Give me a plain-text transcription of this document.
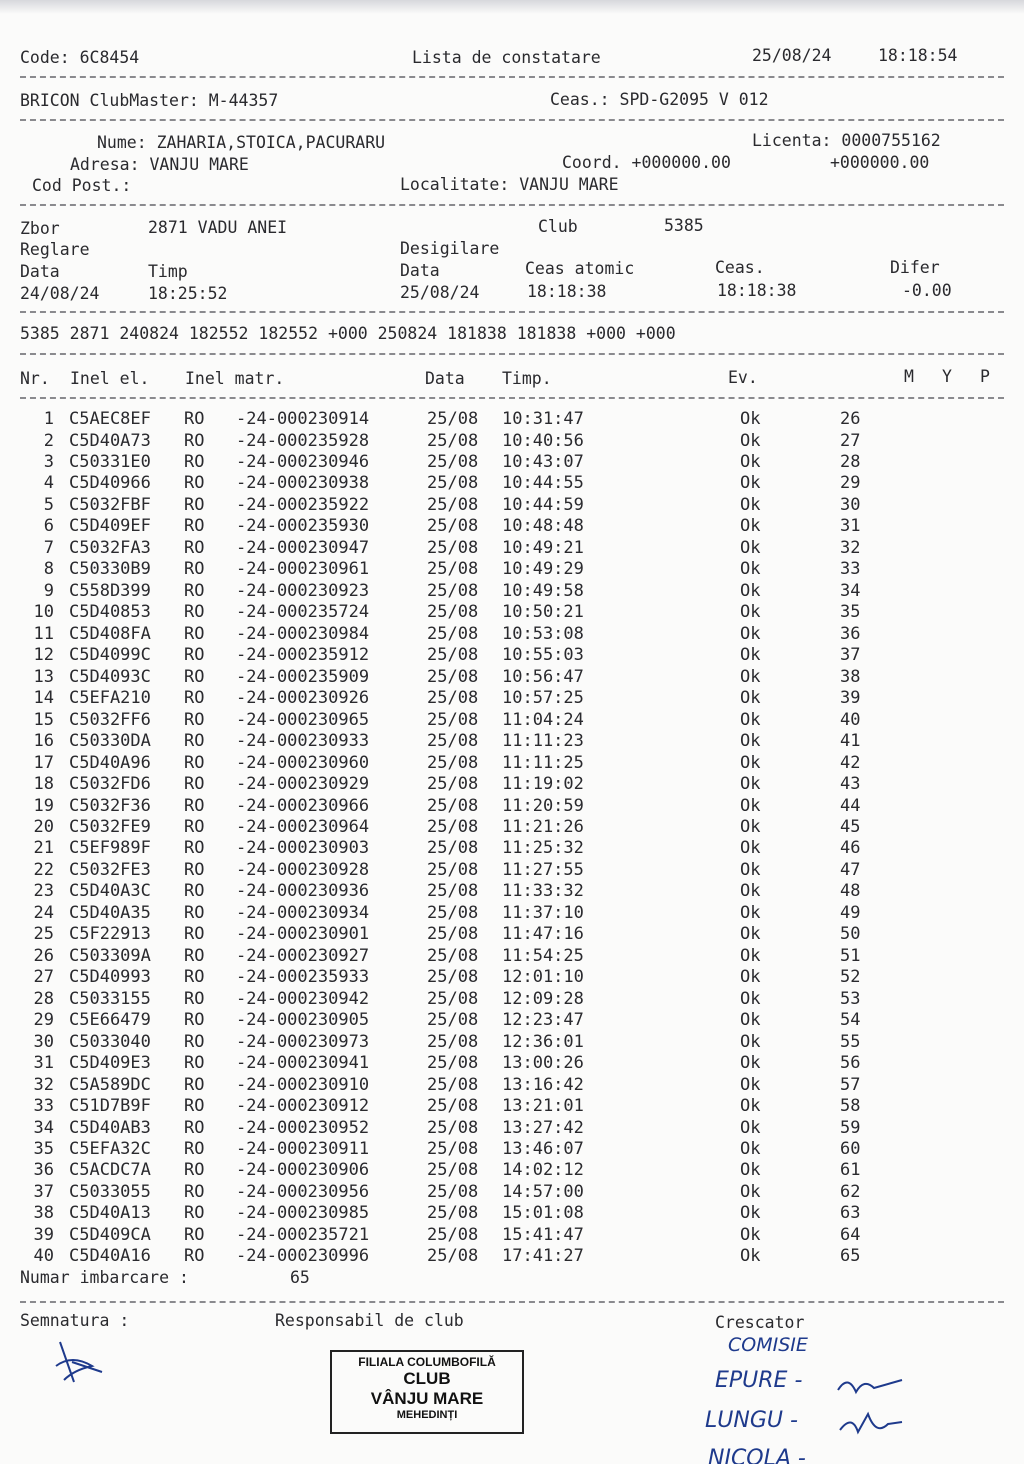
Code: 6C8454	Lista de constatare	25/08/24	18:18:54
BRICON ClubMaster: M-44357	Ceas.: SPD-G2095 V 012
Nume: ZAHARIA,STOICA,PACURARU	Licenta: 0000755162
Adresa: VANJU MARE	Coord. +000000.00	+000000.00
Cod Post.:	Localitate: VANJU MARE
Zbor	2871 VADU ANEI	Club	5385
Reglare	Desigilare
Data	Timp	Data	Ceas atomic	Ceas.	Difer
24/08/24	18:25:52	25/08/24	18:18:38	18:18:38	-0.00
5385 2871 240824 182552 182552 +000 250824 181838 181838 +000 +000
Nr. Inel el. Inel matr.	Data Timp.	Ev.	M Y P
1 C5AEC8EF RO -24-000230914	25/08 10:31:47	Ok	26
2 C5D40A73 RO -24-000235928	25/08 10:40:56	Ok	27
3 C50331E0 RO -24-000230946	25/08 10:43:07	Ok	28
4 C5D40966 RO -24-000230938	25/08 10:44:55	Ok	29
5 C5032FBF RO -24-000235922	25/08 10:44:59	Ok	30
6 C5D409EF RO -24-000235930	25/08 10:48:48	Ok	31
7 C5032FA3 RO -24-000230947	25/08 10:49:21	Ok	32
8 C50330B9 RO -24-000230961	25/08 10:49:29	Ok	33
9 C558D399 RO -24-000230923	25/08 10:49:58	Ok	34
10 C5D40853 RO -24-000235724	25/08 10:50:21	Ok	35
11 C5D408FA RO -24-000230984	25/08 10:53:08	Ok	36
12 C5D4099C RO -24-000235912	25/08 10:55:03	Ok	37
13 C5D4093C RO -24-000235909	25/08 10:56:47	Ok	38
14 C5EFA210 RO -24-000230926	25/08 10:57:25	Ok	39
15 C5032FF6 RO -24-000230965	25/08 11:04:24	Ok	40
16 C50330DA RO -24-000230933	25/08 11:11:23	Ok	41
17 C5D40A96 RO -24-000230960	25/08 11:11:25	Ok	42
18 C5032FD6 RO -24-000230929	25/08 11:19:02	Ok	43
19 C5032F36 RO -24-000230966	25/08 11:20:59	Ok	44
20 C5032FE9 RO -24-000230964	25/08 11:21:26	Ok	45
21 C5EF989F RO -24-000230903	25/08 11:25:32	Ok	46
22 C5032FE3 RO -24-000230928	25/08 11:27:55	Ok	47
23 C5D40A3C RO -24-000230936	25/08 11:33:32	Ok	48
24 C5D40A35 RO -24-000230934	25/08 11:37:10	Ok	49
25 C5F22913 RO -24-000230901	25/08 11:47:16	Ok	50
26 C503309A RO -24-000230927	25/08 11:54:25	Ok	51
27 C5D40993 RO -24-000235933	25/08 12:01:10	Ok	52
28 C5033155 RO -24-000230942	25/08 12:09:28	Ok	53
29 C5E66479 RO -24-000230905	25/08 12:23:47	Ok	54
30 C5033040 RO -24-000230973	25/08 12:36:01	Ok	55
31 C5D409E3 RO -24-000230941	25/08 13:00:26	Ok	56
32 C5A589DC RO -24-000230910	25/08 13:16:42	Ok	57
33 C51D7B9F RO -24-000230912	25/08 13:21:01	Ok	58
34 C5D40AB3 RO -24-000230952	25/08 13:27:42	Ok	59
35 C5EFA32C RO -24-000230911	25/08 13:46:07	Ok	60
36 C5ACDC7A RO -24-000230906	25/08 14:02:12	Ok	61
37 C5033055 RO -24-000230956	25/08 14:57:00	Ok	62
38 C5D40A13 RO -24-000230985	25/08 15:01:08	Ok	63
39 C5D409CA RO -24-000235721	25/08 15:41:47	Ok	64
40 C5D40A16 RO -24-000230996	25/08 17:41:27	Ok	65
Numar imbarcare :	65
Semnatura :	Responsabil de club	Crescator
FILIALA COLUMBOFILĂ
CLUB
VÂNJU MARE
MEHEDINȚI
COMISIE
EPURE -
LUNGU -
NICOLA -
